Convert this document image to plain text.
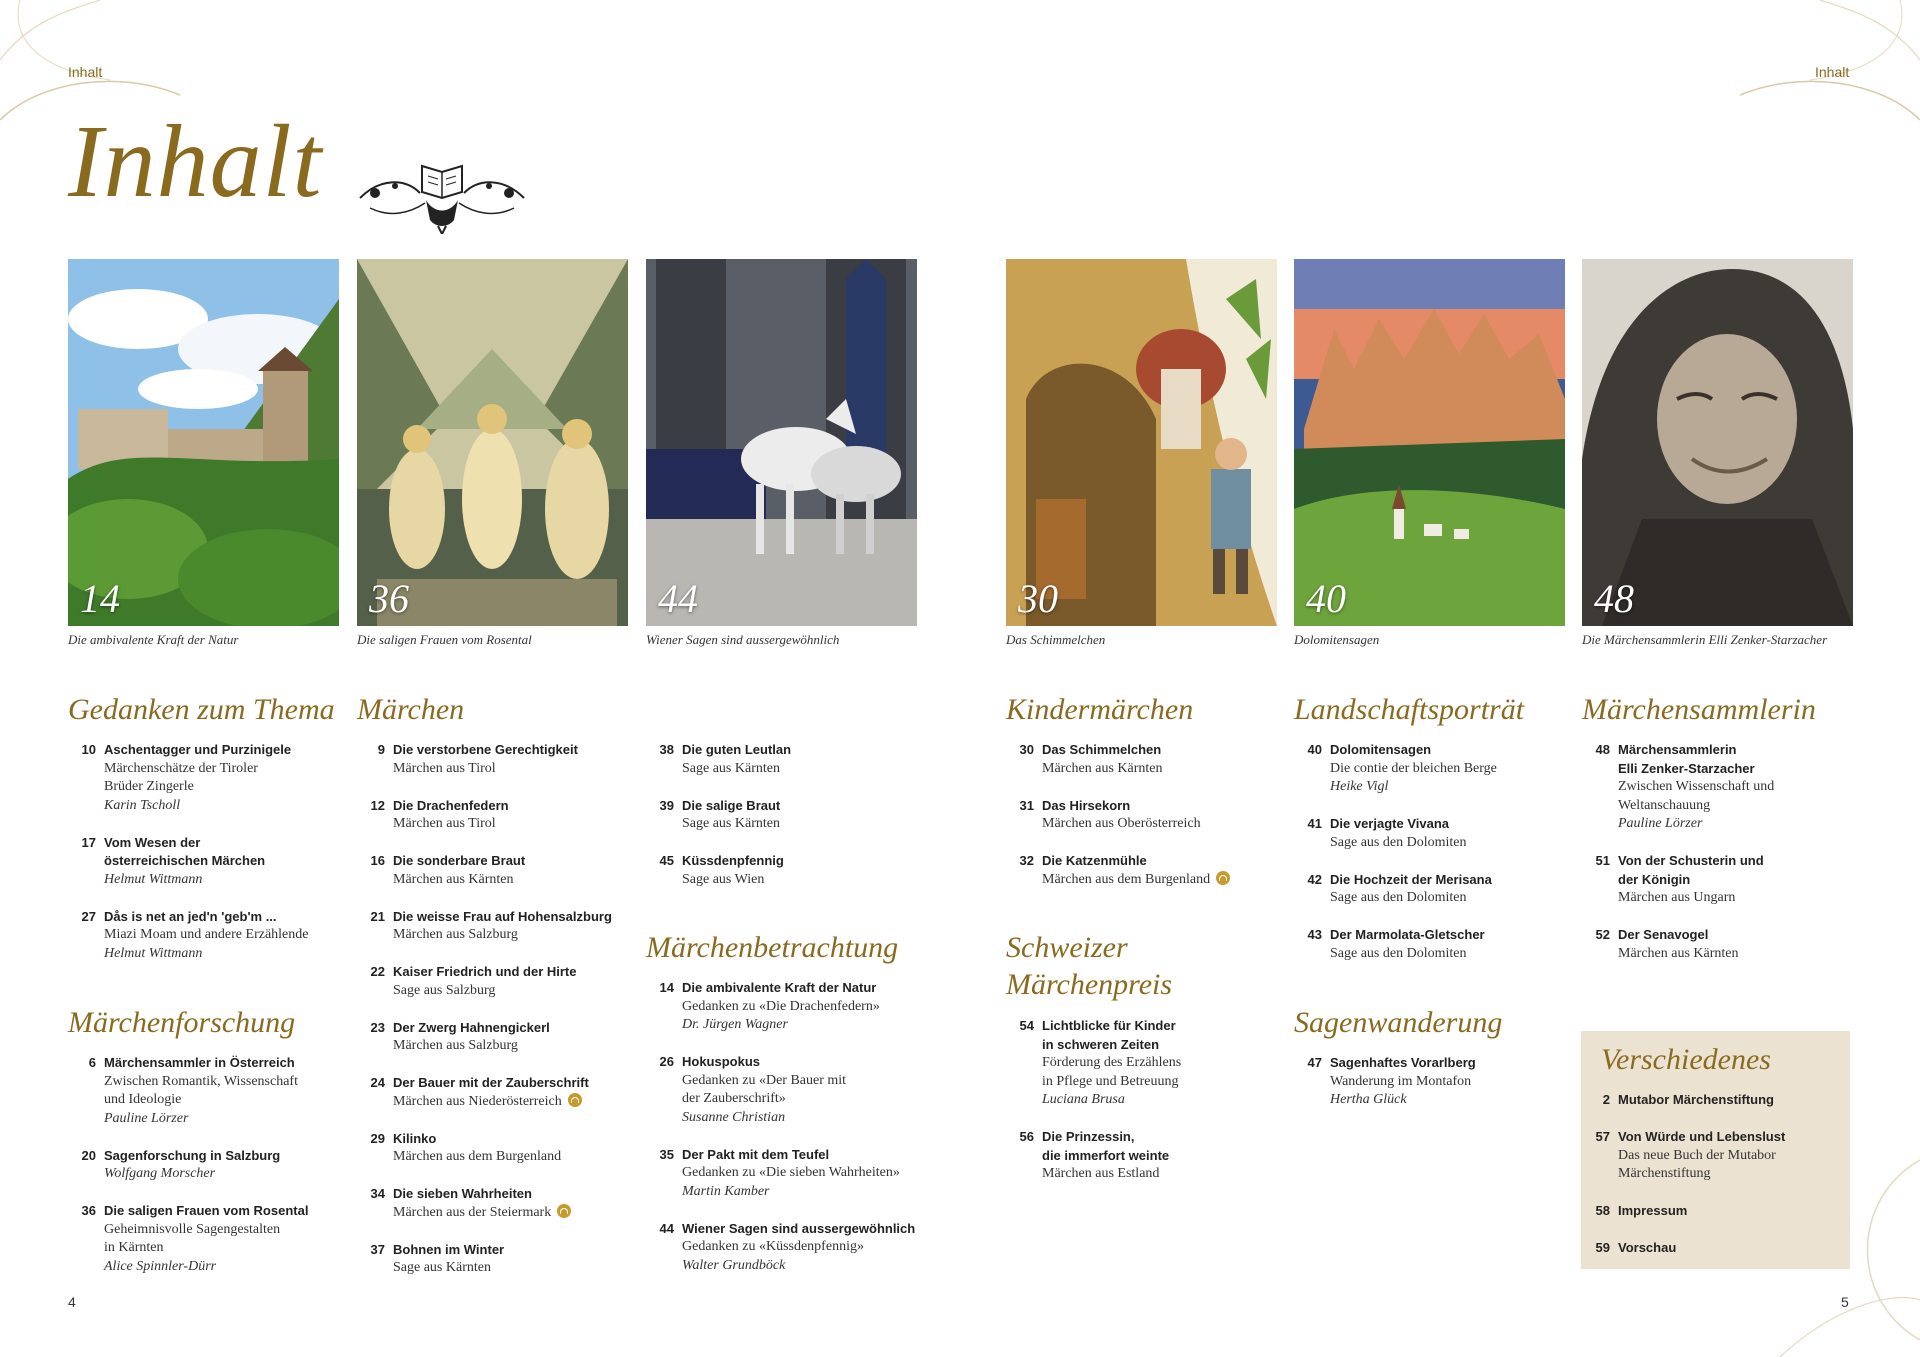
Inhalt	Inhalt
Inhalt
14	36	44	30	40	48
Die ambivalente Kraft der Natur	Die saligen Frauen vom Rosental	Wiener Sagen sind aussergewöhnlich	Das Schimmelchen	Dolomitensagen	Die Märchensammlerin Elli Zenker-Starzacher
Gedanken zum Thema
Märchenforschung
Märchen
Märchenbetrachtung
Kindermärchen
Schweizer
Märchenpreis
Landschaftsporträt
Sagenwanderung
Märchensammlerin
Verschiedenes
10 Aschentagger und Purzinigele
Märchenschätze der Tiroler
Brüder Zingerle
Karin Tscholl
17 Vom Wesen der
österreichischen Märchen
Helmut Wittmann
27 Dås is net an jed'n 'geb'm ...
Miazi Moam und andere Erzählende
Helmut Wittmann
6 Märchensammler in Österreich
Zwischen Romantik, Wissenschaft
und Ideologie
Pauline Lörzer
20 Sagenforschung in Salzburg
Wolfgang Morscher
36 Die saligen Frauen vom Rosental
Geheimnisvolle Sagengestalten
in Kärnten
Alice Spinnler-Dürr
9 Die verstorbene Gerechtigkeit
Märchen aus Tirol
12 Die Drachenfedern
Märchen aus Tirol
16 Die sonderbare Braut
Märchen aus Kärnten
21 Die weisse Frau auf Hohensalzburg
Märchen aus Salzburg
22 Kaiser Friedrich und der Hirte
Sage aus Salzburg
23 Der Zwerg Hahnengickerl
Märchen aus Salzburg
24 Der Bauer mit der Zauberschrift
Märchen aus Niederösterreich
29 Kilinko
Märchen aus dem Burgenland
34 Die sieben Wahrheiten
Märchen aus der Steiermark
37 Bohnen im Winter
Sage aus Kärnten
38 Die guten Leutlan
Sage aus Kärnten
39 Die salige Braut
Sage aus Kärnten
45 Küssdenpfennig
Sage aus Wien
14 Die ambivalente Kraft der Natur
Gedanken zu «Die Drachenfedern»
Dr. Jürgen Wagner
26 Hokuspokus
Gedanken zu «Der Bauer mit
der Zauberschrift»
Susanne Christian
35 Der Pakt mit dem Teufel
Gedanken zu «Die sieben Wahrheiten»
Martin Kamber
44 Wiener Sagen sind aussergewöhnlich
Gedanken zu «Küssdenpfennig»
Walter Grundböck
30 Das Schimmelchen
Märchen aus Kärnten
31 Das Hirsekorn
Märchen aus Oberösterreich
32 Die Katzenmühle
Märchen aus dem Burgenland
54 Lichtblicke für Kinder
in schweren Zeiten
Förderung des Erzählens
in Pflege und Betreuung
Luciana Brusa
56 Die Prinzessin,
die immerfort weinte
Märchen aus Estland
40 Dolomitensagen
Die contie der bleichen Berge
Heike Vigl
41 Die verjagte Vivana
Sage aus den Dolomiten
42 Die Hochzeit der Merisana
Sage aus den Dolomiten
43 Der Marmolata-Gletscher
Sage aus den Dolomiten
47 Sagenhaftes Vorarlberg
Wanderung im Montafon
Hertha Glück
48 Märchensammlerin
Elli Zenker-Starzacher
Zwischen Wissenschaft und
Weltanschauung
Pauline Lörzer
51 Von der Schusterin und
der Königin
Märchen aus Ungarn
52 Der Senavogel
Märchen aus Kärnten
2 Mutabor Märchenstiftung
57 Von Würde und Lebenslust
Das neue Buch der Mutabor
Märchenstiftung
58 Impressum
59 Vorschau
4	5
